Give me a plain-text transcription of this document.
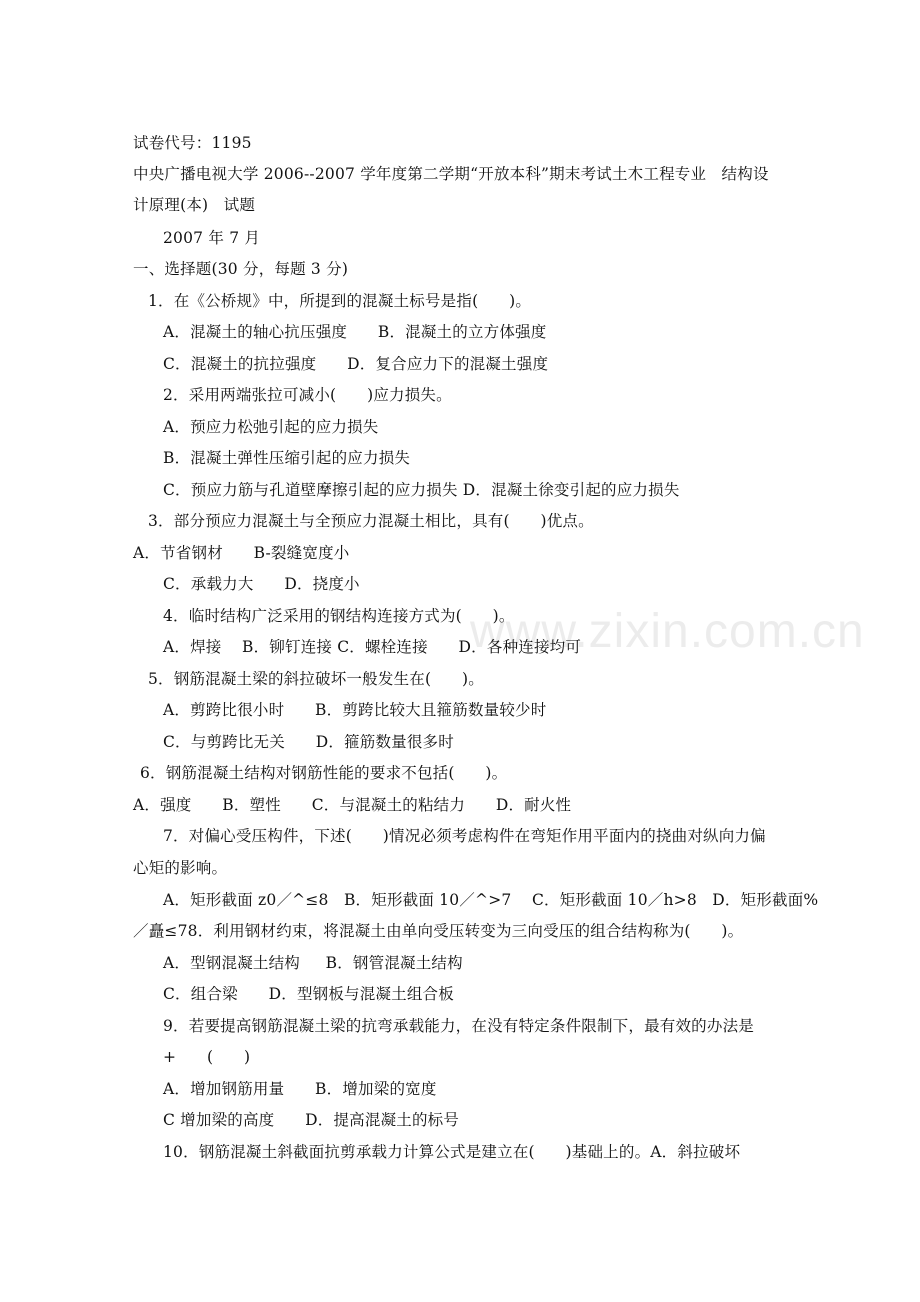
www.zixin.com.cn
试卷代号：1195
中央广播电视大学 2006--2007 学年度第二学期“开放本科”期末考试土木工程专业   结构设
计原理(本)   试题
2007 年 7 月
一、选择题(30 分，每题 3 分)
1．在《公桥规》中，所提到的混凝土标号是指(      )。
A．混凝土的轴心抗压强度      B．混凝土的立方体强度
C．混凝土的抗拉强度      D．复合应力下的混凝土强度
2．采用两端张拉可减小(      )应力损失。
A．预应力松弛引起的应力损失
B．混凝土弹性压缩引起的应力损失
C．预应力筋与孔道壁摩擦引起的应力损失 D．混凝土徐变引起的应力损失
3．部分预应力混凝土与全预应力混凝土相比，具有(      )优点。
A．节省钢材      B-裂缝宽度小
C．承载力大      D．挠度小
4．临时结构广泛采用的钢结构连接方式为(      )。
A．焊接    B．铆钉连接 C．螺栓连接      D．各种连接均可
5．钢筋混凝土梁的斜拉破坏一般发生在(      )。
A．剪跨比很小时      B．剪跨比较大且箍筋数量较少时
C．与剪跨比无关      D．箍筋数量很多时
6．钢筋混凝土结构对钢筋性能的要求不包括(      )。
A．强度      B．塑性      C．与混凝土的粘结力      D．耐火性
7．对偏心受压构件，下述(      )情况必须考虑构件在弯矩作用平面内的挠曲对纵向力偏
心矩的影响。
A．矩形截面 z0／^≤8   B．矩形截面 10／^>7    C．矩形截面 10／h>8   D．矩形截面%
／矗≤78．利用钢材约束，将混凝土由单向受压转变为三向受压的组合结构称为(      )。
A．型钢混凝土结构     B．钢管混凝土结构
C．组合梁      D．型钢板与混凝土组合板
9．若要提高钢筋混凝土梁的抗弯承载能力，在没有特定条件限制下，最有效的办法是
+      (      )
A．增加钢筋用量      B．增加梁的宽度
C 增加梁的高度      D．提高混凝土的标号
10．钢筋混凝土斜截面抗剪承载力计算公式是建立在(      )基础上的。A．斜拉破坏
